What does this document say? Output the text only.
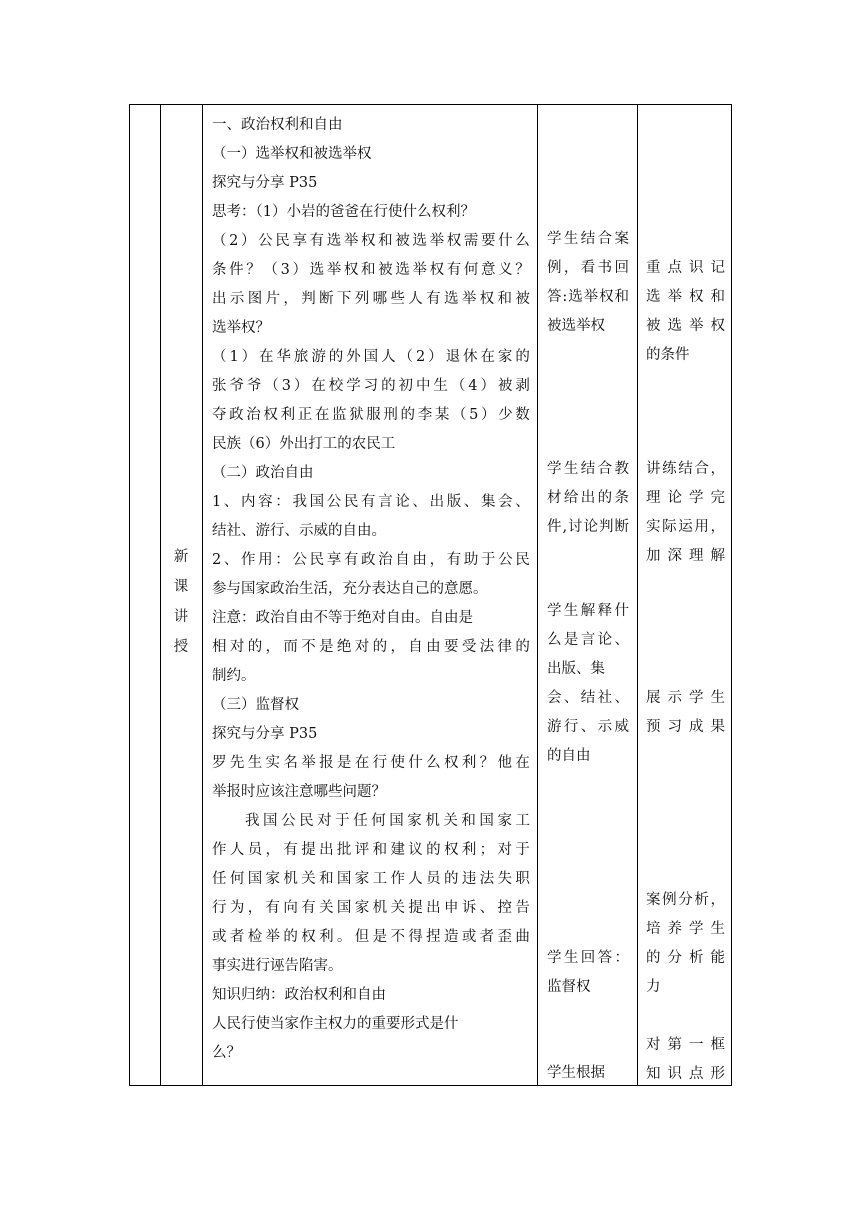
新
课
讲
授
一、政治权利和自由
（一）选举权和被选举权
探究与分享 P35
思考：（1）小岩的爸爸在行使什么权利？
（ 2 ） 公 民 享 有 选 举 权 和 被 选 举 权 需 要 什 么
条 件 ？ （ 3 ） 选 举 权 和 被 选 举 权 有 何 意 义 ？
出 示 图 片 ， 判 断 下 列 哪 些 人 有 选 举 权 和 被
选举权？
（ 1 ） 在 华 旅 游 的 外 国 人 （ 2 ） 退 休 在 家 的
张 爷 爷 （ 3 ） 在 校 学 习 的 初 中 生 （ 4 ） 被 剥
夺 政 治 权 利 正 在 监 狱 服 刑 的 李 某 （ 5 ） 少 数
民族（6）外出打工的农民工
（二）政治自由
1 、 内 容 ： 我 国 公 民 有 言 论 、 出 版 、 集 会 、
结社、游行、示威的自由。
2 、 作 用 ： 公 民 享 有 政 治 自 由 ， 有 助 于 公 民
参与国家政治生活，充分表达自己的意愿。
注意：政治自由不等于绝对自由。自由是
相 对 的 ， 而 不 是 绝 对 的 ， 自 由 要 受 法 律 的
制约。
（三）监督权
探究与分享 P35
罗 先 生 实 名 举 报 是 在 行 使 什 么 权 利 ？ 他 在
举报时应该注意哪些问题？
我 国 公 民 对 于 任 何 国 家 机 关 和 国 家 工
作 人 员 ， 有 提 出 批 评 和 建 议 的 权 利 ； 对 于
任 何 国 家 机 关 和 国 家 工 作 人 员 的 违 法 失 职
行 为 ， 有 向 有 关 国 家 机 关 提 出 申 诉 、 控 告
或 者 检 举 的 权 利 。 但 是 不 得 捏 造 或 者 歪 曲
事实进行诬告陷害。
知识归纳：政治权利和自由
人民行使当家作主权力的重要形式是什
么？
学 生 结 合 案
例 ， 看 书 回
答 : 选 举 权 和
被选举权
学 生 结 合 教
材 给 出 的 条
件 , 讨 论 判 断
学 生 解 释 什
么 是 言 论 、
出版、集
会 、 结 社 、
游 行 、 示 威
的自由
学 生 回 答 ：
监督权
学生根据
重 点 识 记
选 举 权 和
被 选 举 权
的条件
讲 练 结 合 ，
理 论 学 完
实 际 运 用 ，
加 深 理 解
展 示 学 生
预 习 成 果
案 例 分 析 ，
培 养 学 生
的 分 析 能
力
对 第 一 框
知 识 点 形
